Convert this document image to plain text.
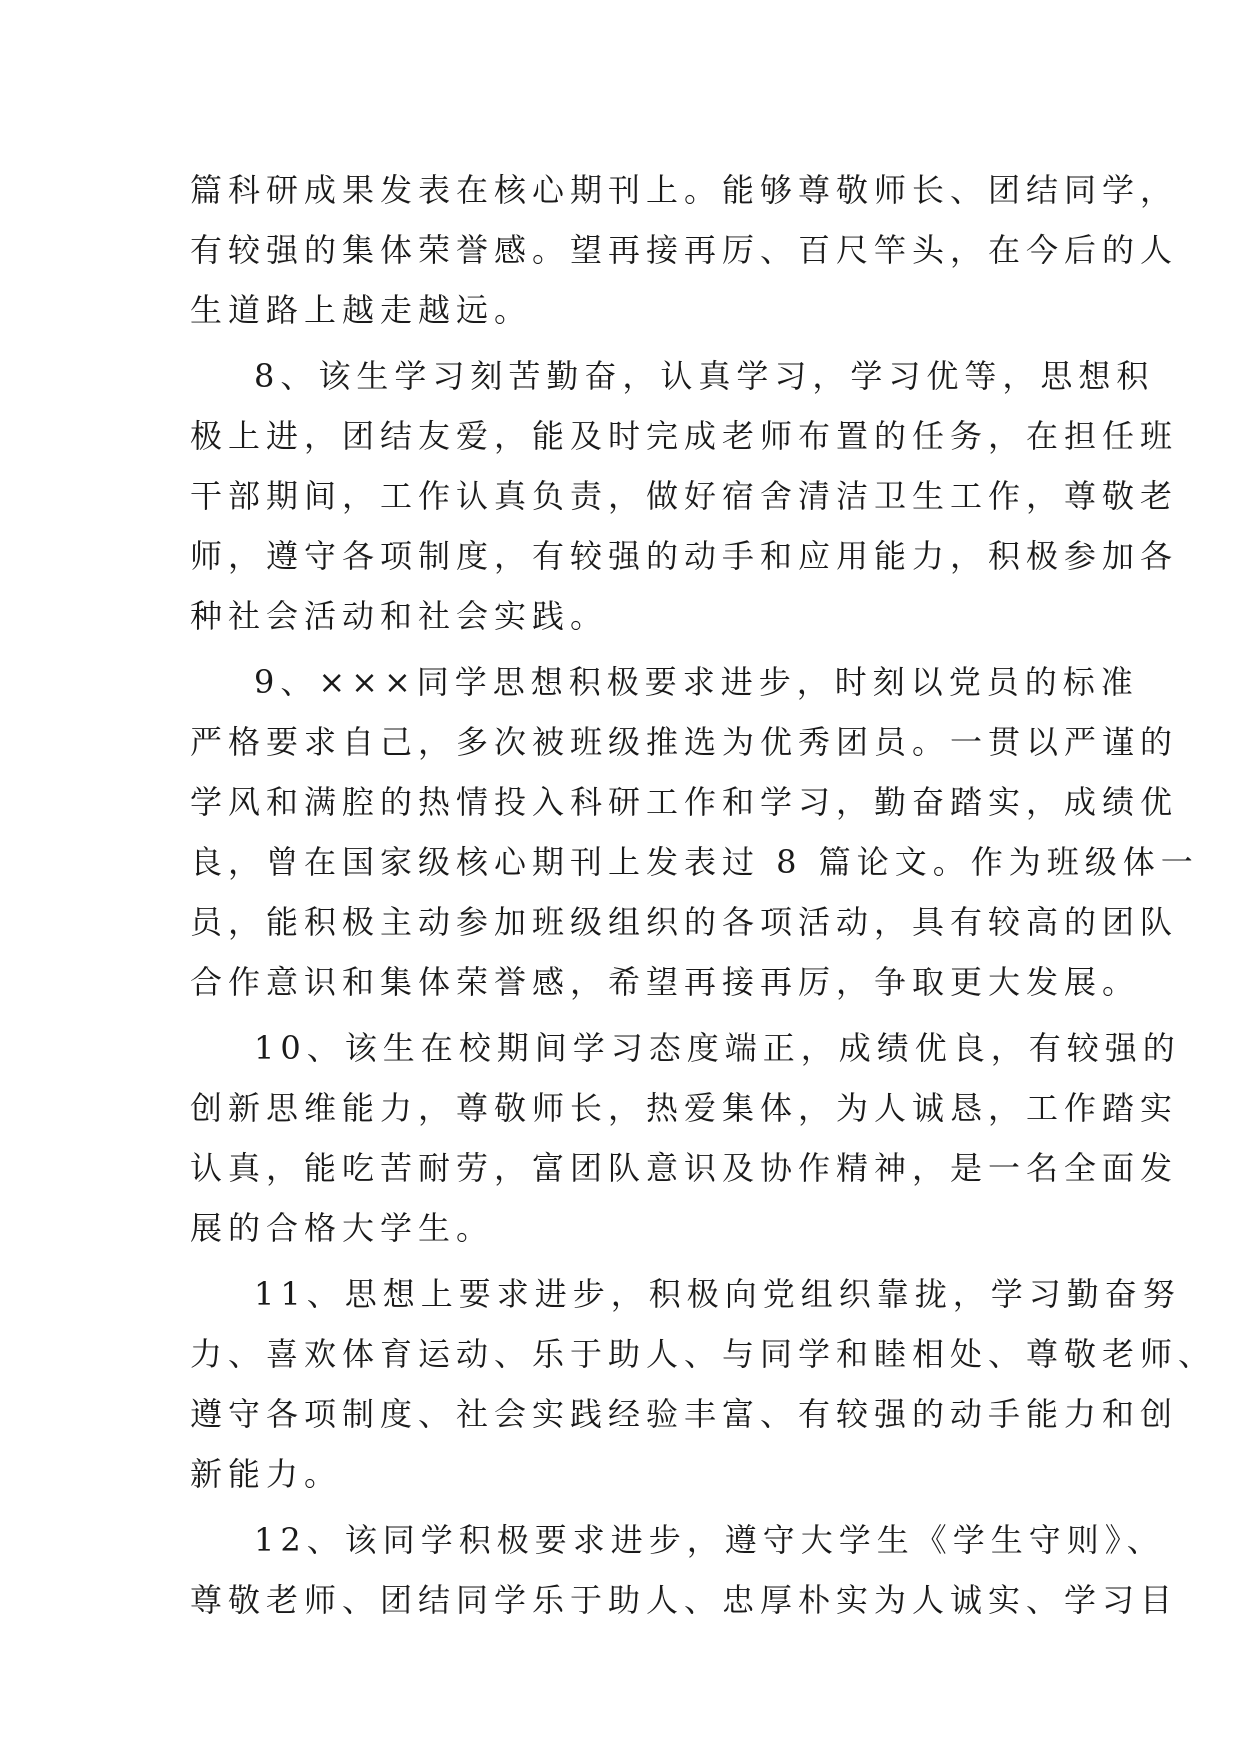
篇科研成果发表在核心期刊上。能够尊敬师长、团结同学，
有较强的集体荣誉感。望再接再厉、百尺竿头，在今后的人
生道路上越走越远。
8、该生学习刻苦勤奋，认真学习，学习优等，思想积
极上进，团结友爱，能及时完成老师布置的任务，在担任班
干部期间，工作认真负责，做好宿舍清洁卫生工作，尊敬老
师，遵守各项制度，有较强的动手和应用能力，积极参加各
种社会活动和社会实践。
9、×××同学思想积极要求进步，时刻以党员的标准
严格要求自己，多次被班级推选为优秀团员。一贯以严谨的
学风和满腔的热情投入科研工作和学习，勤奋踏实，成绩优
良，曾在国家级核心期刊上发表过 8 篇论文。作为班级体一
员，能积极主动参加班级组织的各项活动，具有较高的团队
合作意识和集体荣誉感，希望再接再厉，争取更大发展。
10、该生在校期间学习态度端正，成绩优良，有较强的
创新思维能力，尊敬师长，热爱集体，为人诚恳，工作踏实
认真，能吃苦耐劳，富团队意识及协作精神，是一名全面发
展的合格大学生。
11、思想上要求进步，积极向党组织靠拢，学习勤奋努
力、喜欢体育运动、乐于助人、与同学和睦相处、尊敬老师、
遵守各项制度、社会实践经验丰富、有较强的动手能力和创
新能力。
12、该同学积极要求进步，遵守大学生《学生守则》、
尊敬老师、团结同学乐于助人、忠厚朴实为人诚实、学习目
